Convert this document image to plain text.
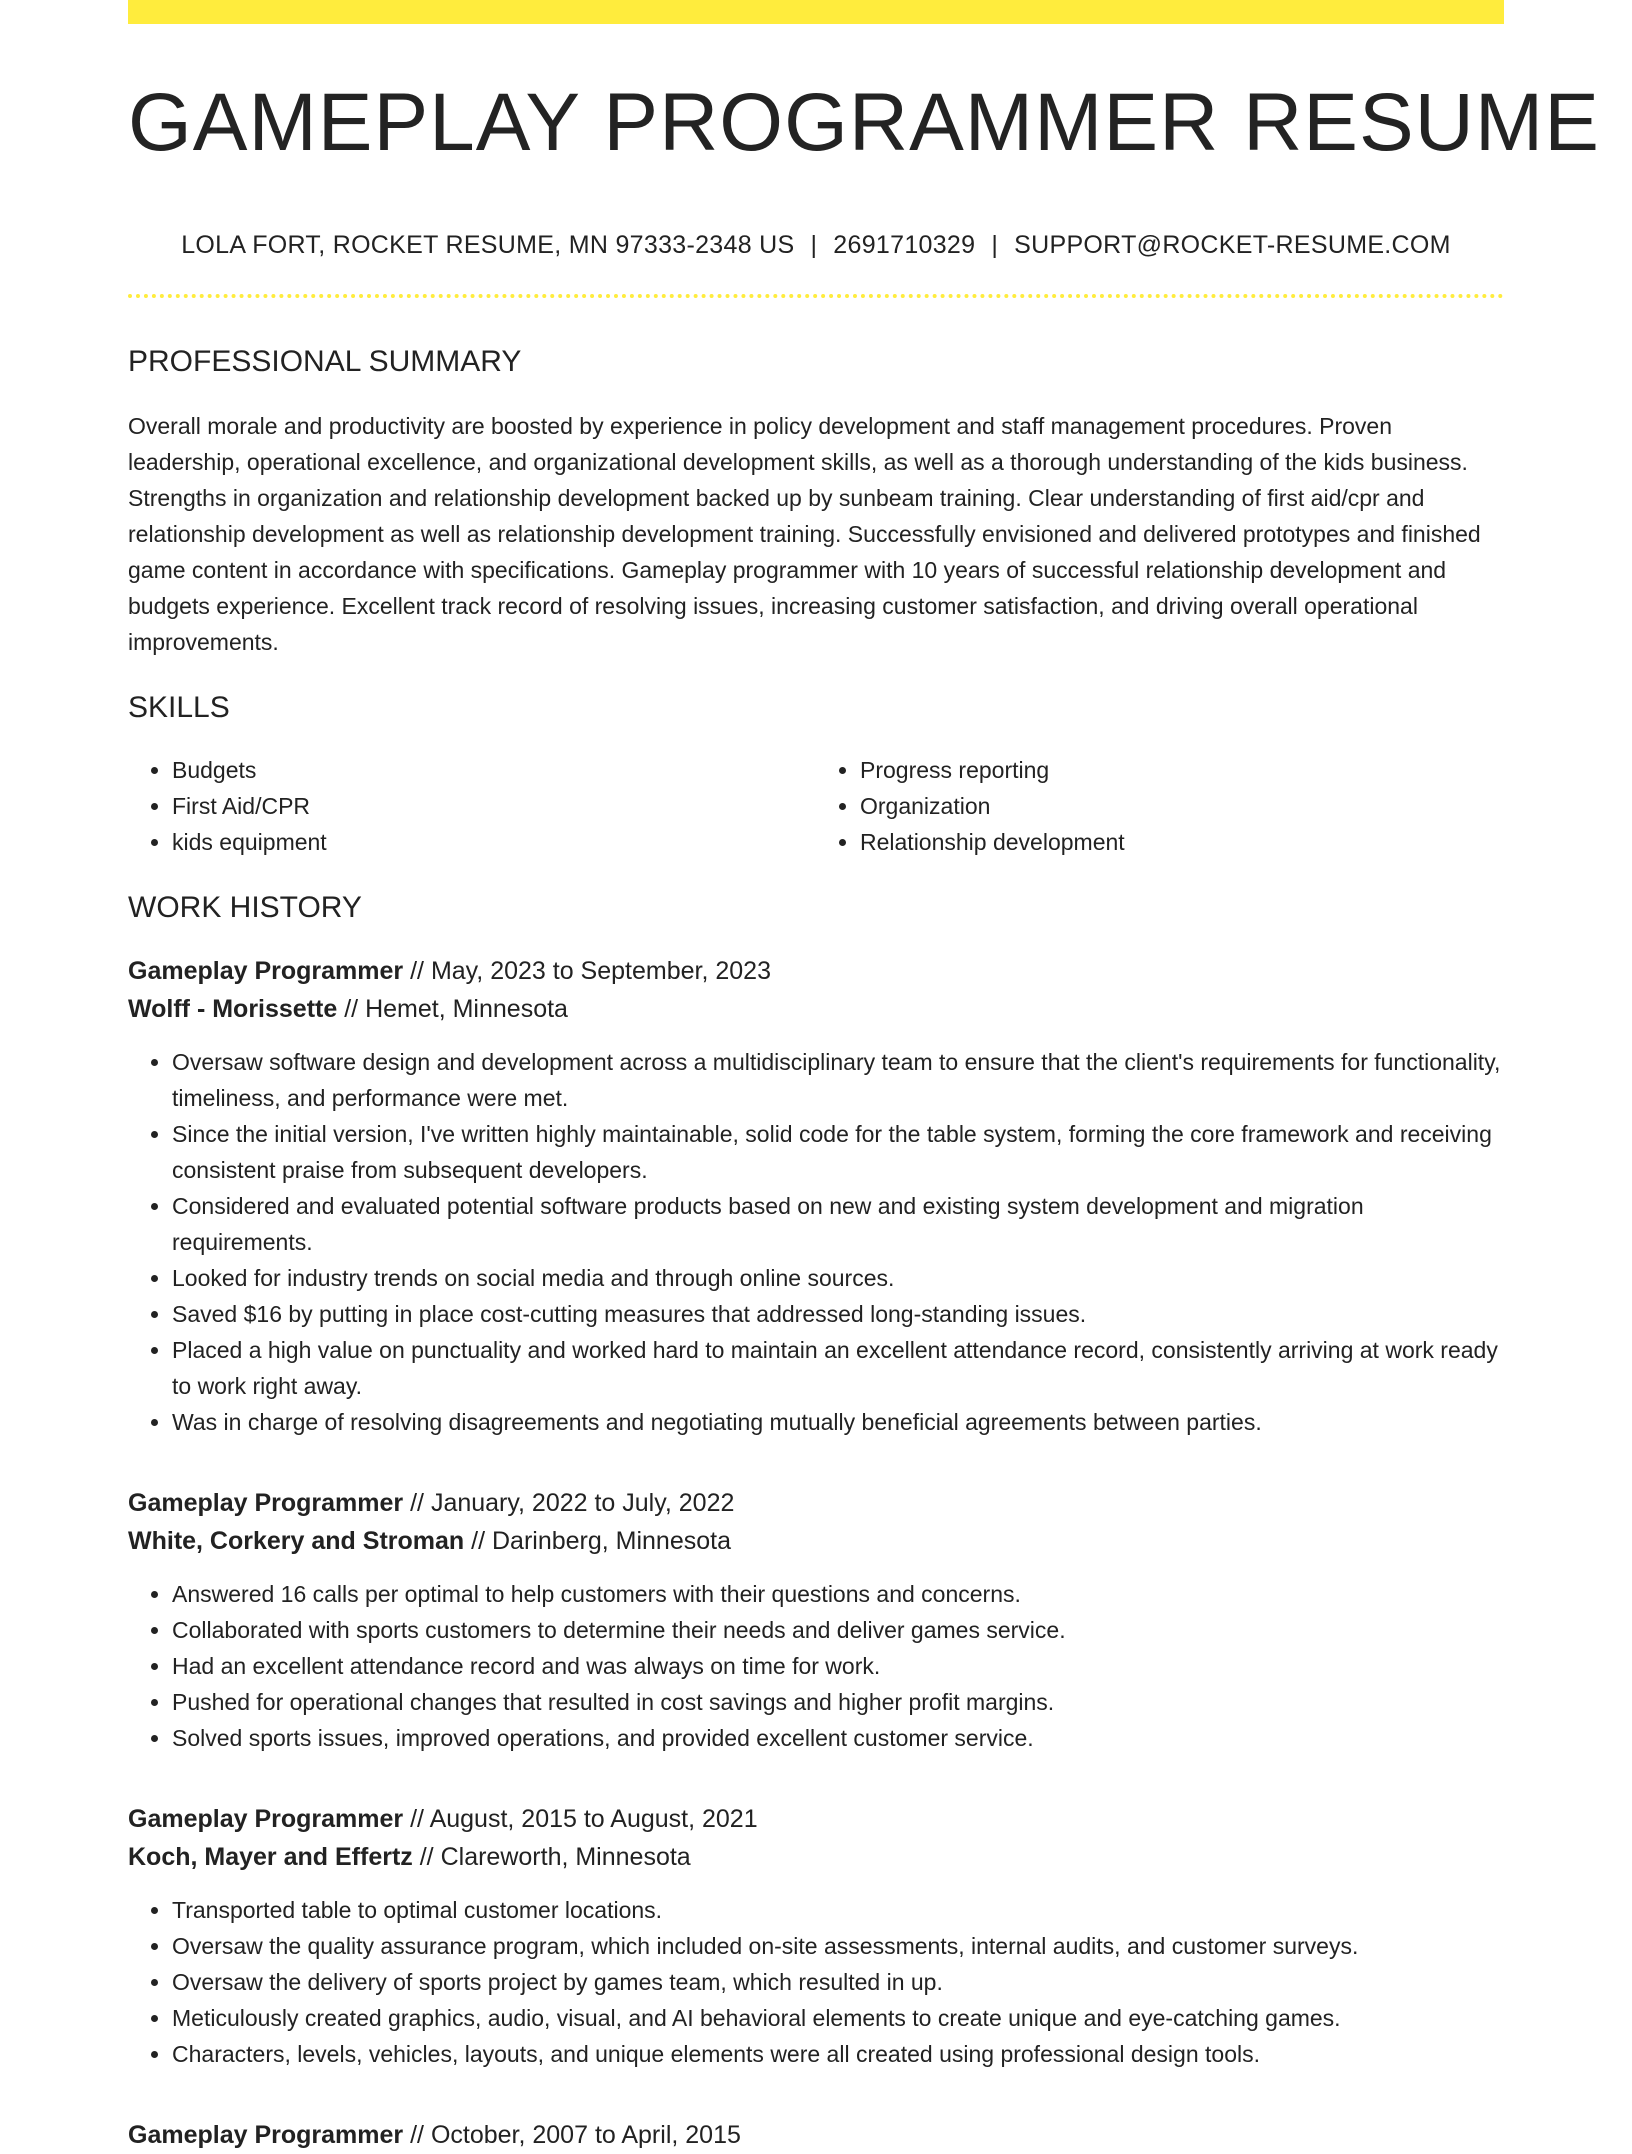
GAMEPLAY PROGRAMMER RESUME
LOLA FORT, ROCKET RESUME, MN 97333-2348 US | 2691710329 | SUPPORT@ROCKET-RESUME.COM
PROFESSIONAL SUMMARY

Overall morale and productivity are boosted by experience in policy development and staff management procedures. Proven leadership, operational excellence, and organizational development skills, as well as a thorough understanding of the kids business. Strengths in organization and relationship development backed up by sunbeam training. Clear understanding of first aid/cpr and relationship development as well as relationship development training. Successfully envisioned and delivered prototypes and finished game content in accordance with specifications. Gameplay programmer with 10 years of successful relationship development and budgets experience. Excellent track record of resolving issues, increasing customer satisfaction, and driving overall operational improvements.

SKILLS
• Budgets
• First Aid/CPR
• kids equipment
• Progress reporting
• Organization
• Relationship development
WORK HISTORY
Gameplay Programmer // May, 2023 to September, 2023
Wolff - Morissette // Hemet, Minnesota
• Oversaw software design and development across a multidisciplinary team to ensure that the client's requirements for functionality, timeliness, and performance were met.
• Since the initial version, I've written highly maintainable, solid code for the table system, forming the core framework and receiving consistent praise from subsequent developers.
• Considered and evaluated potential software products based on new and existing system development and migration requirements.
• Looked for industry trends on social media and through online sources.
• Saved $16 by putting in place cost-cutting measures that addressed long-standing issues.
• Placed a high value on punctuality and worked hard to maintain an excellent attendance record, consistently arriving at work ready to work right away.
• Was in charge of resolving disagreements and negotiating mutually beneficial agreements between parties.
Gameplay Programmer // January, 2022 to July, 2022
White, Corkery and Stroman // Darinberg, Minnesota
• Answered 16 calls per optimal to help customers with their questions and concerns.
• Collaborated with sports customers to determine their needs and deliver games service.
• Had an excellent attendance record and was always on time for work.
• Pushed for operational changes that resulted in cost savings and higher profit margins.
• Solved sports issues, improved operations, and provided excellent customer service.
Gameplay Programmer // August, 2015 to August, 2021
Koch, Mayer and Effertz // Clareworth, Minnesota
• Transported table to optimal customer locations.
• Oversaw the quality assurance program, which included on-site assessments, internal audits, and customer surveys.
• Oversaw the delivery of sports project by games team, which resulted in up.
• Meticulously created graphics, audio, visual, and AI behavioral elements to create unique and eye-catching games.
• Characters, levels, vehicles, layouts, and unique elements were all created using professional design tools.
Gameplay Programmer // October, 2007 to April, 2015
